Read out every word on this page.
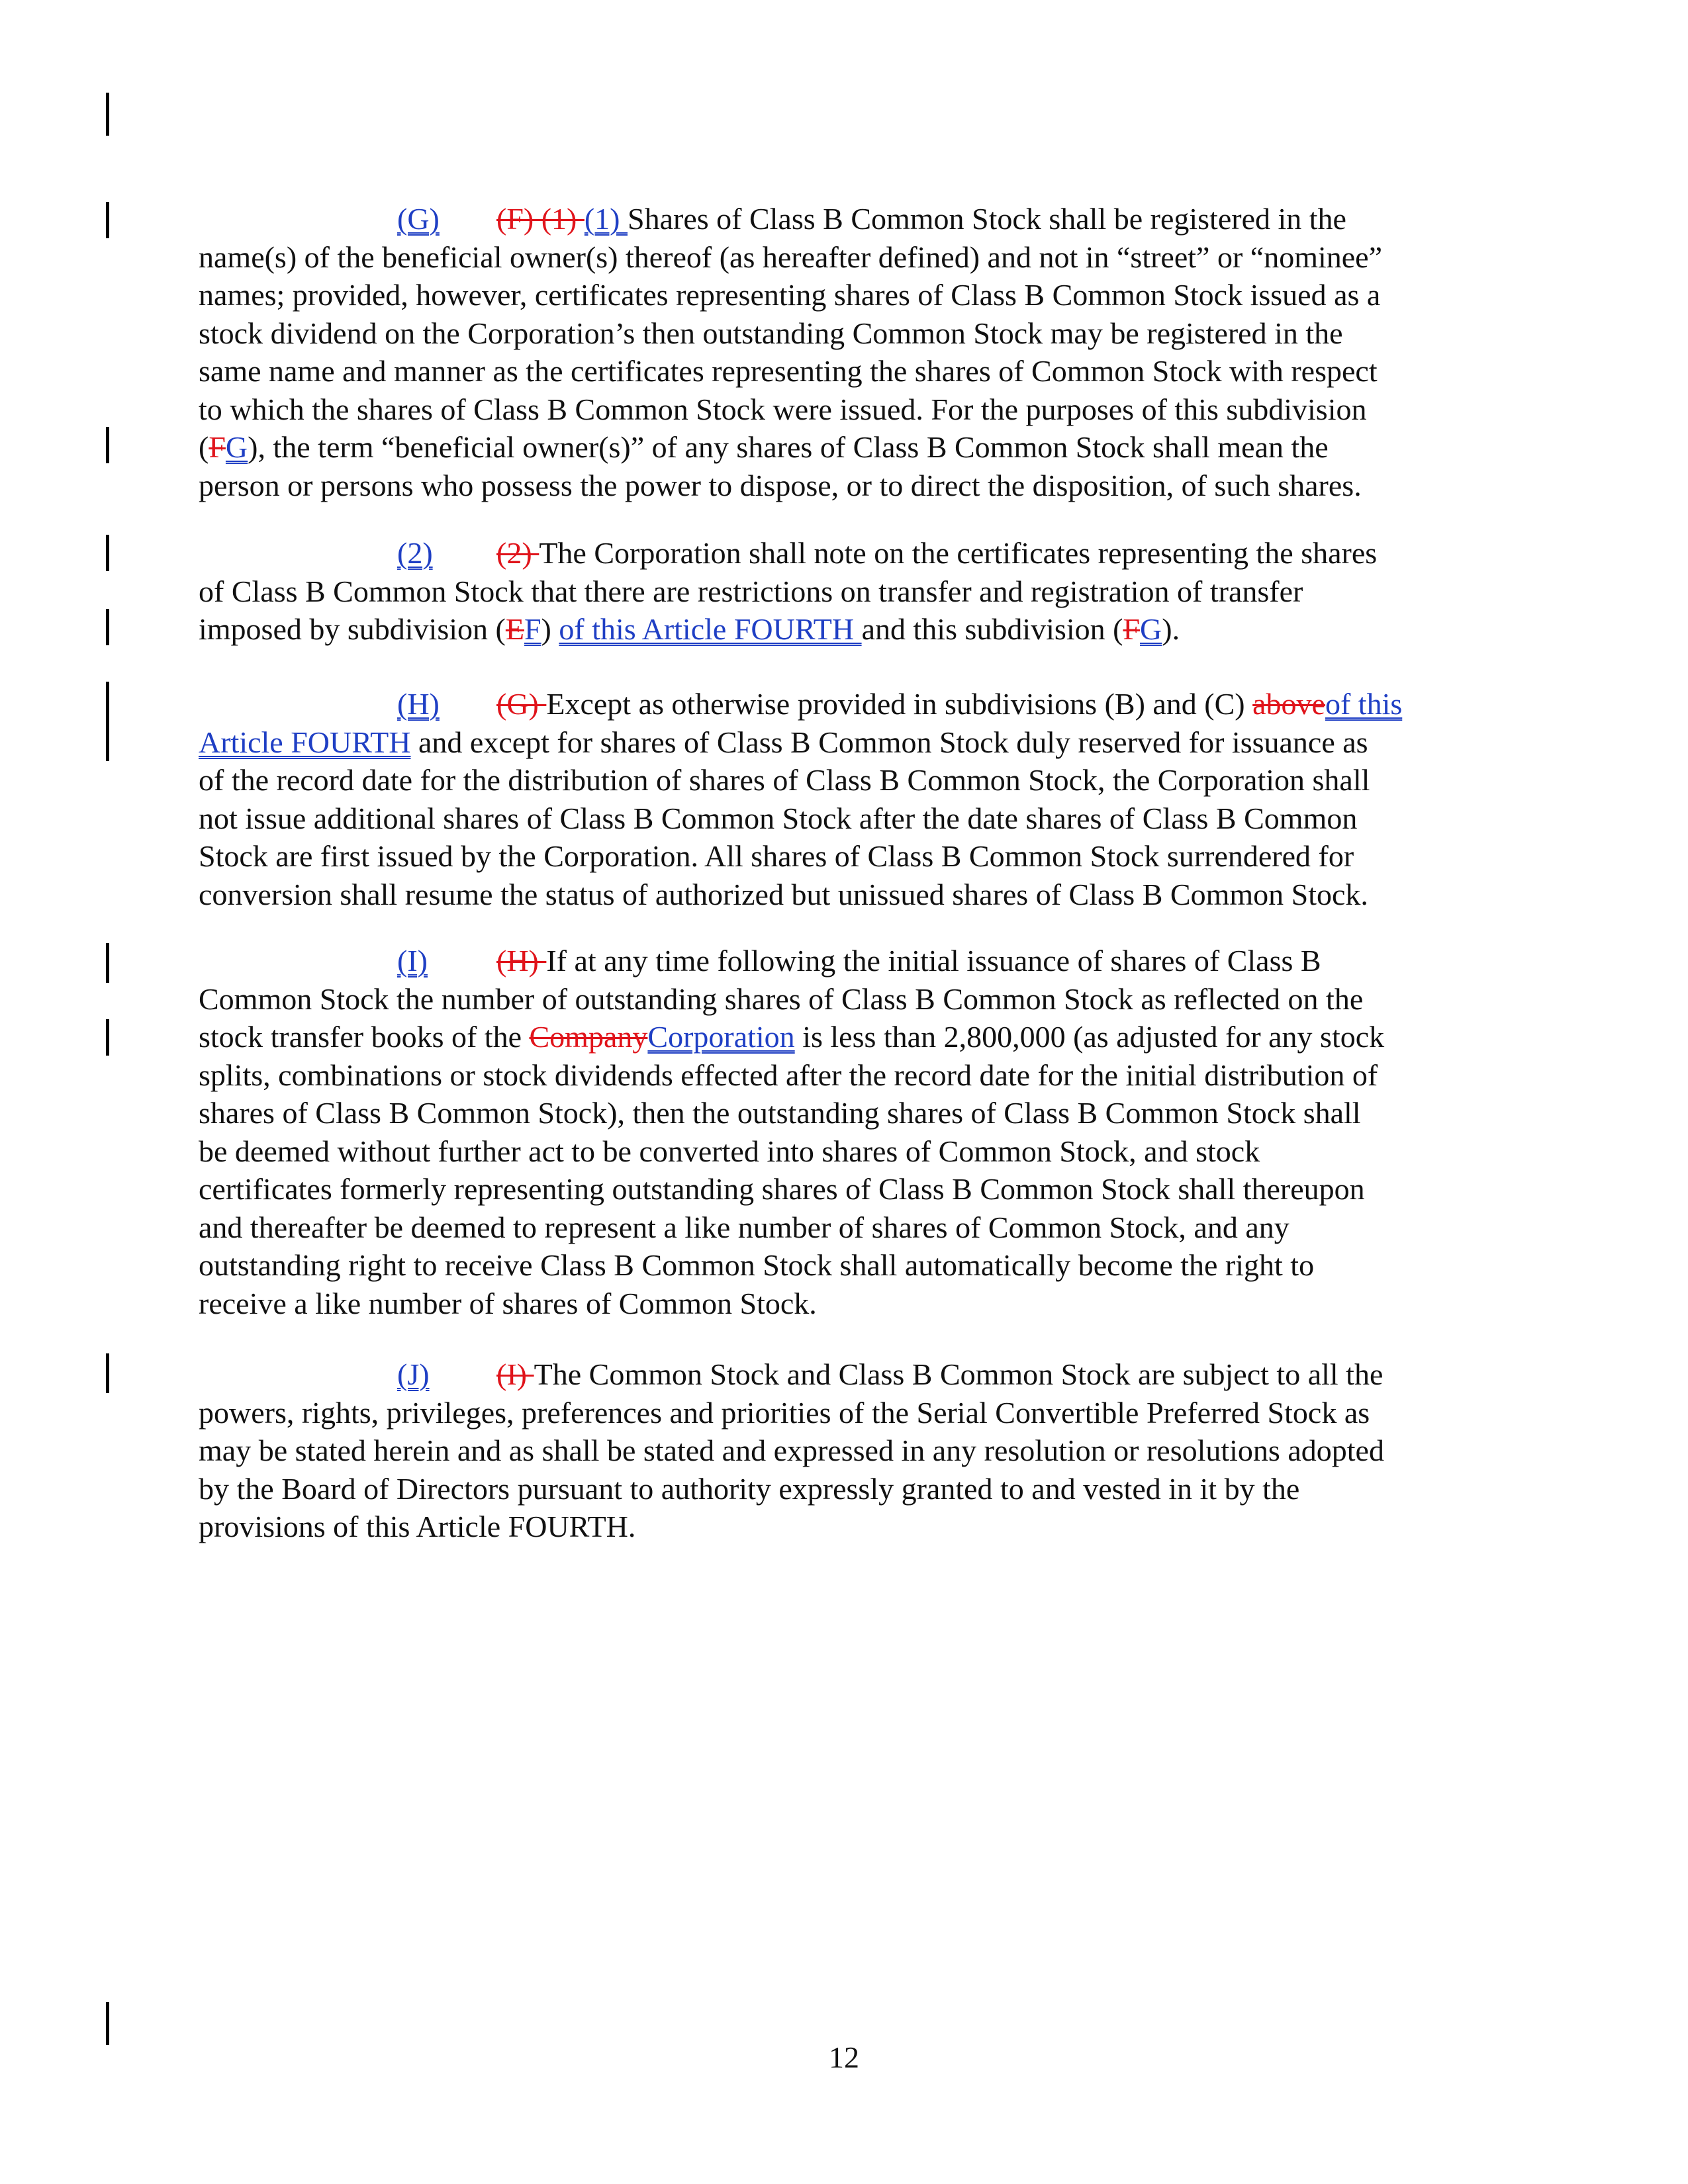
(G) (F) (1) (1) Shares of Class B Common Stock shall be registered in the
name(s) of the beneficial owner(s) thereof (as hereafter defined) and not in “street” or “nominee”
names; provided, however, certificates representing shares of Class B Common Stock issued as a
stock dividend on the Corporation’s then outstanding Common Stock may be registered in the
same name and manner as the certificates representing the shares of Common Stock with respect
to which the shares of Class B Common Stock were issued. For the purposes of this subdivision
(FG), the term “beneficial owner(s)” of any shares of Class B Common Stock shall mean the
person or persons who possess the power to dispose, or to direct the disposition, of such shares.
(2) (2) The Corporation shall note on the certificates representing the shares
of Class B Common Stock that there are restrictions on transfer and registration of transfer
imposed by subdivision (EF) of this Article FOURTH and this subdivision (FG).
(H) (G) Except as otherwise provided in subdivisions (B) and (C) aboveof this
Article FOURTH and except for shares of Class B Common Stock duly reserved for issuance as
of the record date for the distribution of shares of Class B Common Stock, the Corporation shall
not issue additional shares of Class B Common Stock after the date shares of Class B Common
Stock are first issued by the Corporation. All shares of Class B Common Stock surrendered for
conversion shall resume the status of authorized but unissued shares of Class B Common Stock.
(I) (H) If at any time following the initial issuance of shares of Class B
Common Stock the number of outstanding shares of Class B Common Stock as reflected on the
stock transfer books of the CompanyCorporation is less than 2,800,000 (as adjusted for any stock
splits, combinations or stock dividends effected after the record date for the initial distribution of
shares of Class B Common Stock), then the outstanding shares of Class B Common Stock shall
be deemed without further act to be converted into shares of Common Stock, and stock
certificates formerly representing outstanding shares of Class B Common Stock shall thereupon
and thereafter be deemed to represent a like number of shares of Common Stock, and any
outstanding right to receive Class B Common Stock shall automatically become the right to
receive a like number of shares of Common Stock.
(J) (I) The Common Stock and Class B Common Stock are subject to all the
powers, rights, privileges, preferences and priorities of the Serial Convertible Preferred Stock as
may be stated herein and as shall be stated and expressed in any resolution or resolutions adopted
by the Board of Directors pursuant to authority expressly granted to and vested in it by the
provisions of this Article FOURTH.
12
